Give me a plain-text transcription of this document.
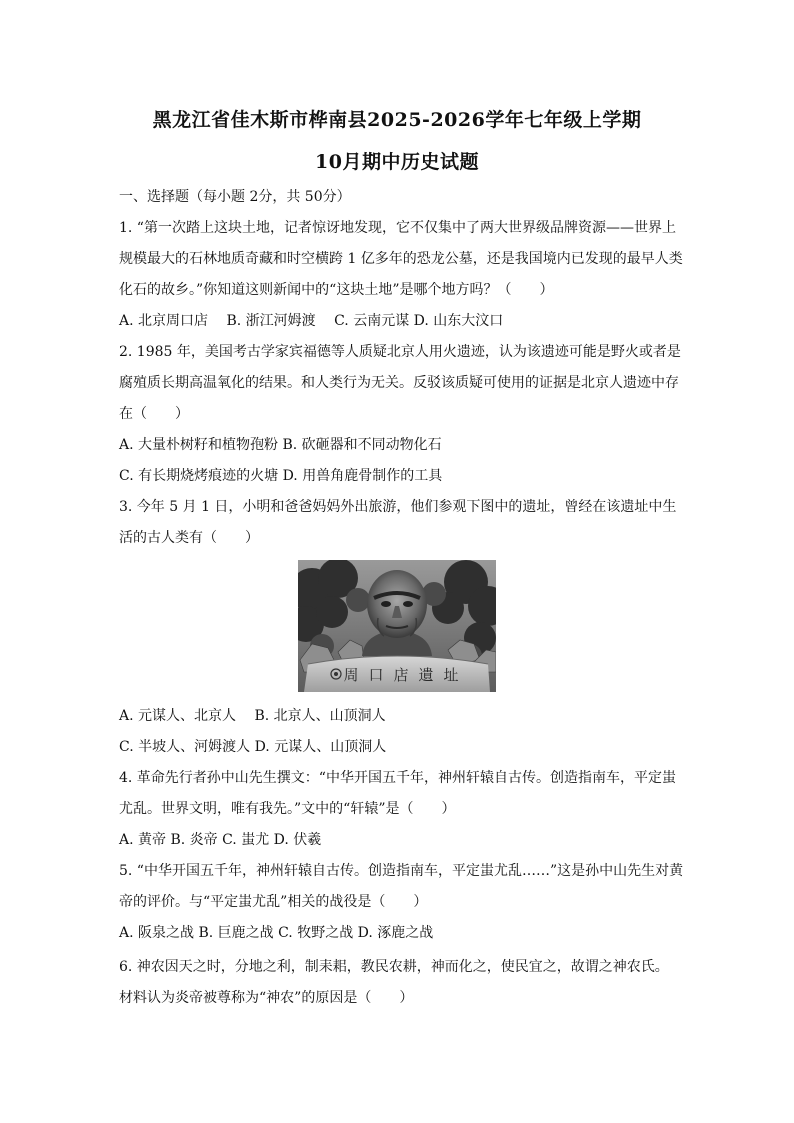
黑龙江省佳木斯市桦南县2025-2026学年七年级上学期
10月期中历史试题
一、选择题（每小题 2分，共 50分）
1. “第一次踏上这块土地，记者惊讶地发现，它不仅集中了两大世界级品牌资源——世界上
规模最大的石林地质奇藏和时空横跨 1 亿多年的恐龙公墓，还是我国境内已发现的最早人类
化石的故乡。”你知道这则新闻中的“这块土地”是哪个地方吗？（　　）
A. 北京周口店　 B. 浙江河姆渡　 C. 云南元谋 D. 山东大汶口
2. 1985 年，美国考古学家宾福德等人质疑北京人用火遗迹，认为该遗迹可能是野火或者是
腐殖质长期高温氧化的结果。和人类行为无关。反驳该质疑可使用的证据是北京人遗迹中存
在（　　）
A. 大量朴树籽和植物孢粉 B. 砍砸器和不同动物化石
C. 有长期烧烤痕迹的火塘 D. 用兽角鹿骨制作的工具
3. 今年 5 月 1 日，小明和爸爸妈妈外出旅游，他们参观下图中的遗址，曾经在该遗址中生
活的古人类有（　　）
周口店遺址
A. 元谋人、北京人　 B. 北京人、山顶洞人
C. 半坡人、河姆渡人 D. 元谋人、山顶洞人
4. 革命先行者孙中山先生撰文：“中华开国五千年，神州轩辕自古传。创造指南车，平定蚩
尤乱。世界文明，唯有我先。”文中的“轩辕”是（　　）
A. 黄帝 B. 炎帝 C. 蚩尤 D. 伏羲
5. “中华开国五千年，神州轩辕自古传。创造指南车，平定蚩尤乱……”这是孙中山先生对黄
帝的评价。与“平定蚩尤乱”相关的战役是（　　）
A. 阪泉之战 B. 巨鹿之战 C. 牧野之战 D. 涿鹿之战
6. 神农因天之时，分地之利，制耒耜，教民农耕，神而化之，使民宜之，故谓之神农氏。
材料认为炎帝被尊称为“神农”的原因是（　　）
